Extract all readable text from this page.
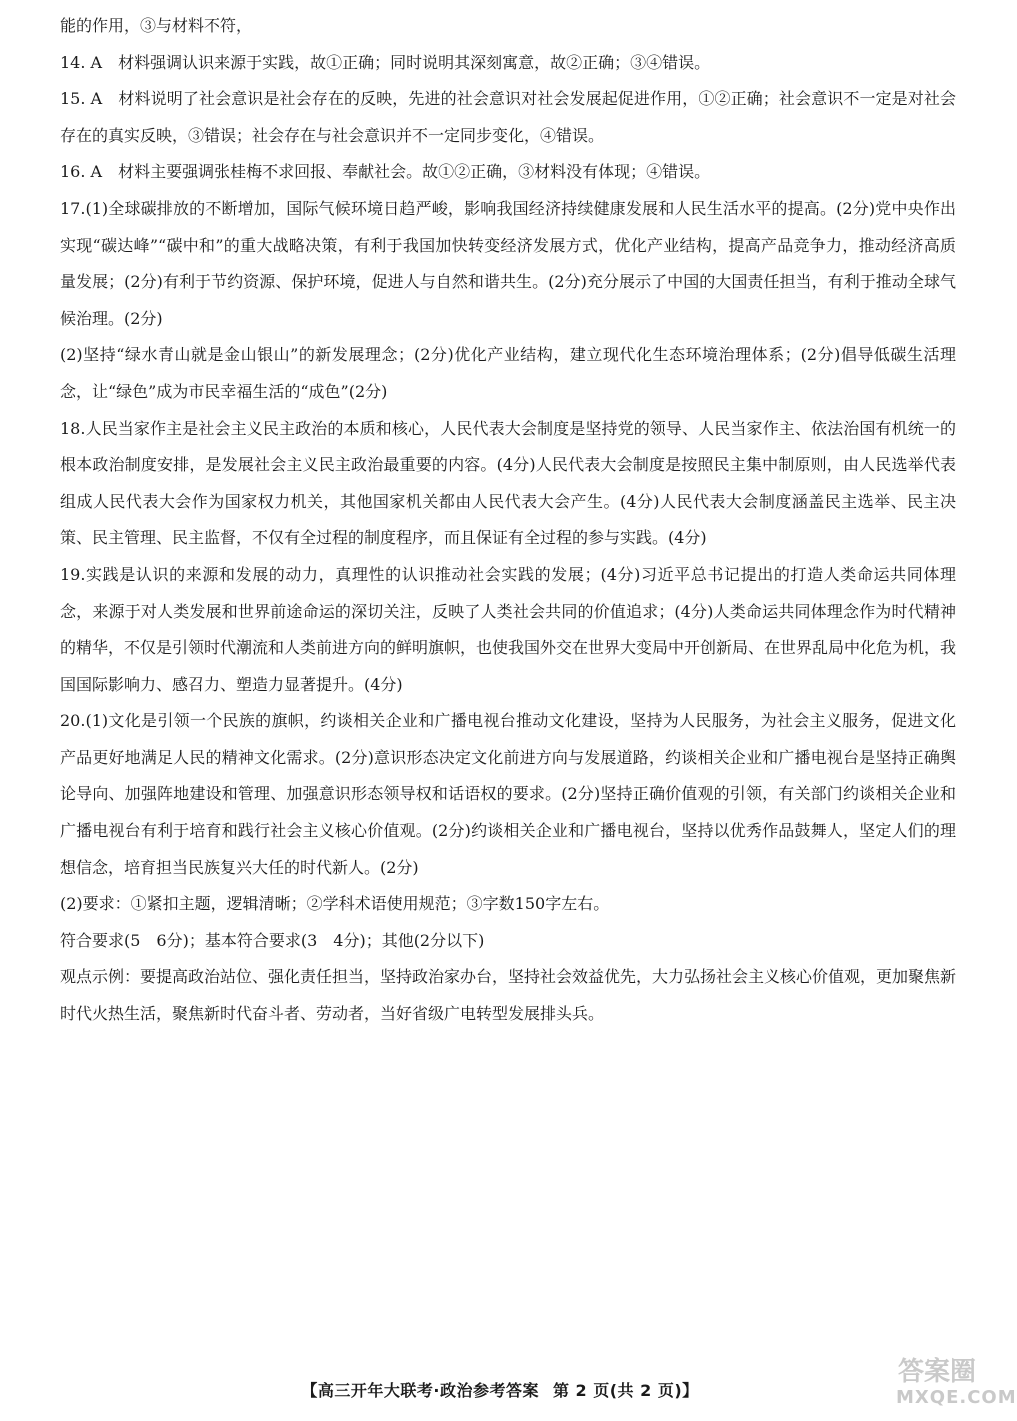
能的作用，③与材料不符，

14. A　材料强调认识来源于实践，故①正确；同时说明其深刻寓意，故②正确；③④错误。

15. A　材料说明了社会意识是社会存在的反映，先进的社会意识对社会发展起促进作用，①②正确；社会意识不一定是对社会存在的真实反映，③错误；社会存在与社会意识并不一定同步变化，④错误。

16. A　材料主要强调张桂梅不求回报、奉献社会。故①②正确，③材料没有体现；④错误。

17.(1)全球碳排放的不断增加，国际气候环境日趋严峻，影响我国经济持续健康发展和人民生活水平的提高。(2分)党中央作出实现“碳达峰”“碳中和”的重大战略决策，有利于我国加快转变经济发展方式，优化产业结构，提高产品竞争力，推动经济高质量发展；(2分)有利于节约资源、保护环境，促进人与自然和谐共生。(2分)充分展示了中国的大国责任担当，有利于推动全球气候治理。(2分)

(2)坚持“绿水青山就是金山银山”的新发展理念；(2分)优化产业结构，建立现代化生态环境治理体系；(2分)倡导低碳生活理念，让“绿色”成为市民幸福生活的“成色”(2分)

18.人民当家作主是社会主义民主政治的本质和核心，人民代表大会制度是坚持党的领导、人民当家作主、依法治国有机统一的根本政治制度安排，是发展社会主义民主政治最重要的内容。(4分)人民代表大会制度是按照民主集中制原则，由人民选举代表组成人民代表大会作为国家权力机关，其他国家机关都由人民代表大会产生。(4分)人民代表大会制度涵盖民主选举、民主决策、民主管理、民主监督，不仅有全过程的制度程序，而且保证有全过程的参与实践。(4分)

19.实践是认识的来源和发展的动力，真理性的认识推动社会实践的发展；(4分)习近平总书记提出的打造人类命运共同体理念，来源于对人类发展和世界前途命运的深切关注，反映了人类社会共同的价值追求；(4分)人类命运共同体理念作为时代精神的精华，不仅是引领时代潮流和人类前进方向的鲜明旗帜，也使我国外交在世界大变局中开创新局、在世界乱局中化危为机，我国国际影响力、感召力、塑造力显著提升。(4分)

20.(1)文化是引领一个民族的旗帜，约谈相关企业和广播电视台推动文化建设，坚持为人民服务，为社会主义服务，促进文化产品更好地满足人民的精神文化需求。(2分)意识形态决定文化前进方向与发展道路，约谈相关企业和广播电视台是坚持正确舆论导向、加强阵地建设和管理、加强意识形态领导权和话语权的要求。(2分)坚持正确价值观的引领，有关部门约谈相关企业和广播电视台有利于培育和践行社会主义核心价值观。(2分)约谈相关企业和广播电视台，坚持以优秀作品鼓舞人，坚定人们的理想信念，培育担当民族复兴大任的时代新人。(2分)

(2)要求：①紧扣主题，逻辑清晰；②学科术语使用规范；③字数150字左右。

符合要求(5　6分)；基本符合要求(3　4分)；其他(2分以下)

观点示例：要提高政治站位、强化责任担当，坚持政治家办台，坚持社会效益优先，大力弘扬社会主义核心价值观，更加聚焦新时代火热生活，聚焦新时代奋斗者、劳动者，当好省级广电转型发展排头兵。

【高三开年大联考·政治参考答案 第 2 页(共 2 页)】
答案圈
MXQE.COM
